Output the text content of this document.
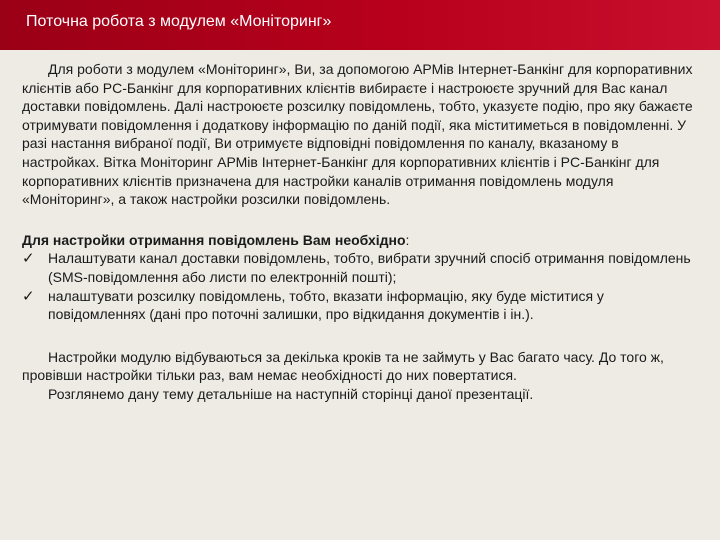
Поточна робота з модулем «Моніторинг»

Для роботи з модулем «Моніторинг», Ви, за допомогою АРМів Інтернет-Банкінг для корпоративних клієнтів або PC-Банкінг для корпоративних клієнтів вибираєте і настроюєте зручний для Вас канал доставки повідомлень. Далі настроюєте розсилку повідомлень, тобто, указуєте подію, про яку бажаєте отримувати повідомлення і додаткову інформацію по даній події, яка міститиметься в повідомленні. У разі настання вибраної події, Ви отримуєте відповідні повідомлення по каналу, вказаному в настройках. Вітка Моніторинг АРМів Інтернет-Банкінг для корпоративних клієнтів і PC-Банкінг для корпоративних клієнтів призначена для настройки каналів отримання повідомлень модуля «Моніторинг», а також настройки розсилки повідомлень.

Для настройки отримання повідомлень Вам необхідно:

✓ Налаштувати канал доставки повідомлень, тобто, вибрати зручний спосіб отримання повідомлень (SMS-повідомлення або листи по електронній пошті);
✓ налаштувати розсилку повідомлень, тобто, вказати інформацію, яку буде міститися у повідомленнях (дані про поточні залишки, про відкидання документів і ін.).

Настройки модулю відбуваються за декілька кроків та не займуть у Вас багато часу. До того ж, провівши настройки тільки раз, вам немає необхідності до них повертатися.

Розглянемо дану тему детальніше на наступній сторінці даної презентації.
